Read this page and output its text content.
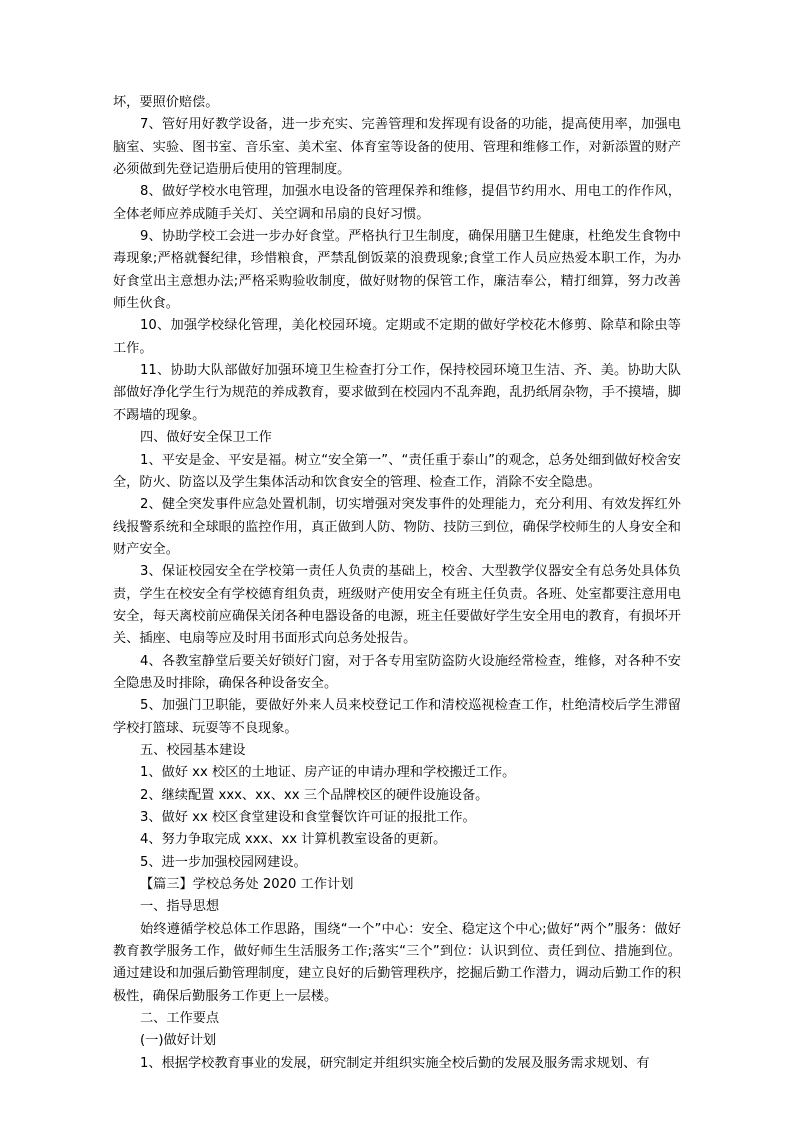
坏，要照价赔偿。

7、管好用好教学设备，进一步充实、完善管理和发挥现有设备的功能，提高使用率，加强电脑室、实验、图书室、音乐室、美术室、体育室等设备的使用、管理和维修工作，对新添置的财产必须做到先登记造册后使用的管理制度。

8、做好学校水电管理，加强水电设备的管理保养和维修，提倡节约用水、用电工的作作风，全体老师应养成随手关灯、关空调和吊扇的良好习惯。

9、协助学校工会进一步办好食堂。严格执行卫生制度，确保用膳卫生健康，杜绝发生食物中毒现象;严格就餐纪律，珍惜粮食，严禁乱倒饭菜的浪费现象;食堂工作人员应热爱本职工作，为办好食堂出主意想办法;严格采购验收制度，做好财物的保管工作，廉洁奉公，精打细算，努力改善师生伙食。

10、加强学校绿化管理，美化校园环境。定期或不定期的做好学校花木修剪、除草和除虫等工作。

11、协助大队部做好加强环境卫生检查打分工作，保持校园环境卫生洁、齐、美。协助大队部做好净化学生行为规范的养成教育，要求做到在校园内不乱奔跑，乱扔纸屑杂物，手不摸墙，脚不踢墙的现象。

四、做好安全保卫工作

1、平安是金、平安是福。树立“安全第一”、“责任重于泰山”的观念，总务处细到做好校舍安全，防火、防盗以及学生集体活动和饮食安全的管理、检查工作，消除不安全隐患。

2、健全突发事件应急处置机制，切实增强对突发事件的处理能力，充分利用、有效发挥红外线报警系统和全球眼的监控作用，真正做到人防、物防、技防三到位，确保学校师生的人身安全和财产安全。

3、保证校园安全在学校第一责任人负责的基础上，校舍、大型教学仪器安全有总务处具体负责，学生在校安全有学校德育组负责，班级财产使用安全有班主任负责。各班、处室都要注意用电安全，每天离校前应确保关闭各种电器设备的电源，班主任要做好学生安全用电的教育，有损坏开关、插座、电扇等应及时用书面形式向总务处报告。

4、各教室静堂后要关好锁好门窗，对于各专用室防盗防火设施经常检查，维修，对各种不安全隐患及时排除，确保各种设备安全。

5、加强门卫职能，要做好外来人员来校登记工作和清校巡视检查工作，杜绝清校后学生滞留学校打篮球、玩耍等不良现象。

五、校园基本建设

1、做好 xx 校区的土地证、房产证的申请办理和学校搬迁工作。

2、继续配置 xxx、xx、xx 三个品牌校区的硬件设施设备。

3、做好 xx 校区食堂建设和食堂餐饮许可证的报批工作。

4、努力争取完成 xxx、xx 计算机教室设备的更新。

5、进一步加强校园网建设。

【篇三】学校总务处 2020 工作计划

一、指导思想

始终遵循学校总体工作思路，围绕“一个”中心：安全、稳定这个中心;做好“两个”服务：做好教育教学服务工作，做好师生生活服务工作;落实“三个”到位：认识到位、责任到位、措施到位。通过建设和加强后勤管理制度，建立良好的后勤管理秩序，挖掘后勤工作潜力，调动后勤工作的积极性，确保后勤服务工作更上一层楼。

二、工作要点

(一)做好计划

1、根据学校教育事业的发展，研究制定并组织实施全校后勤的发展及服务需求规划、有
